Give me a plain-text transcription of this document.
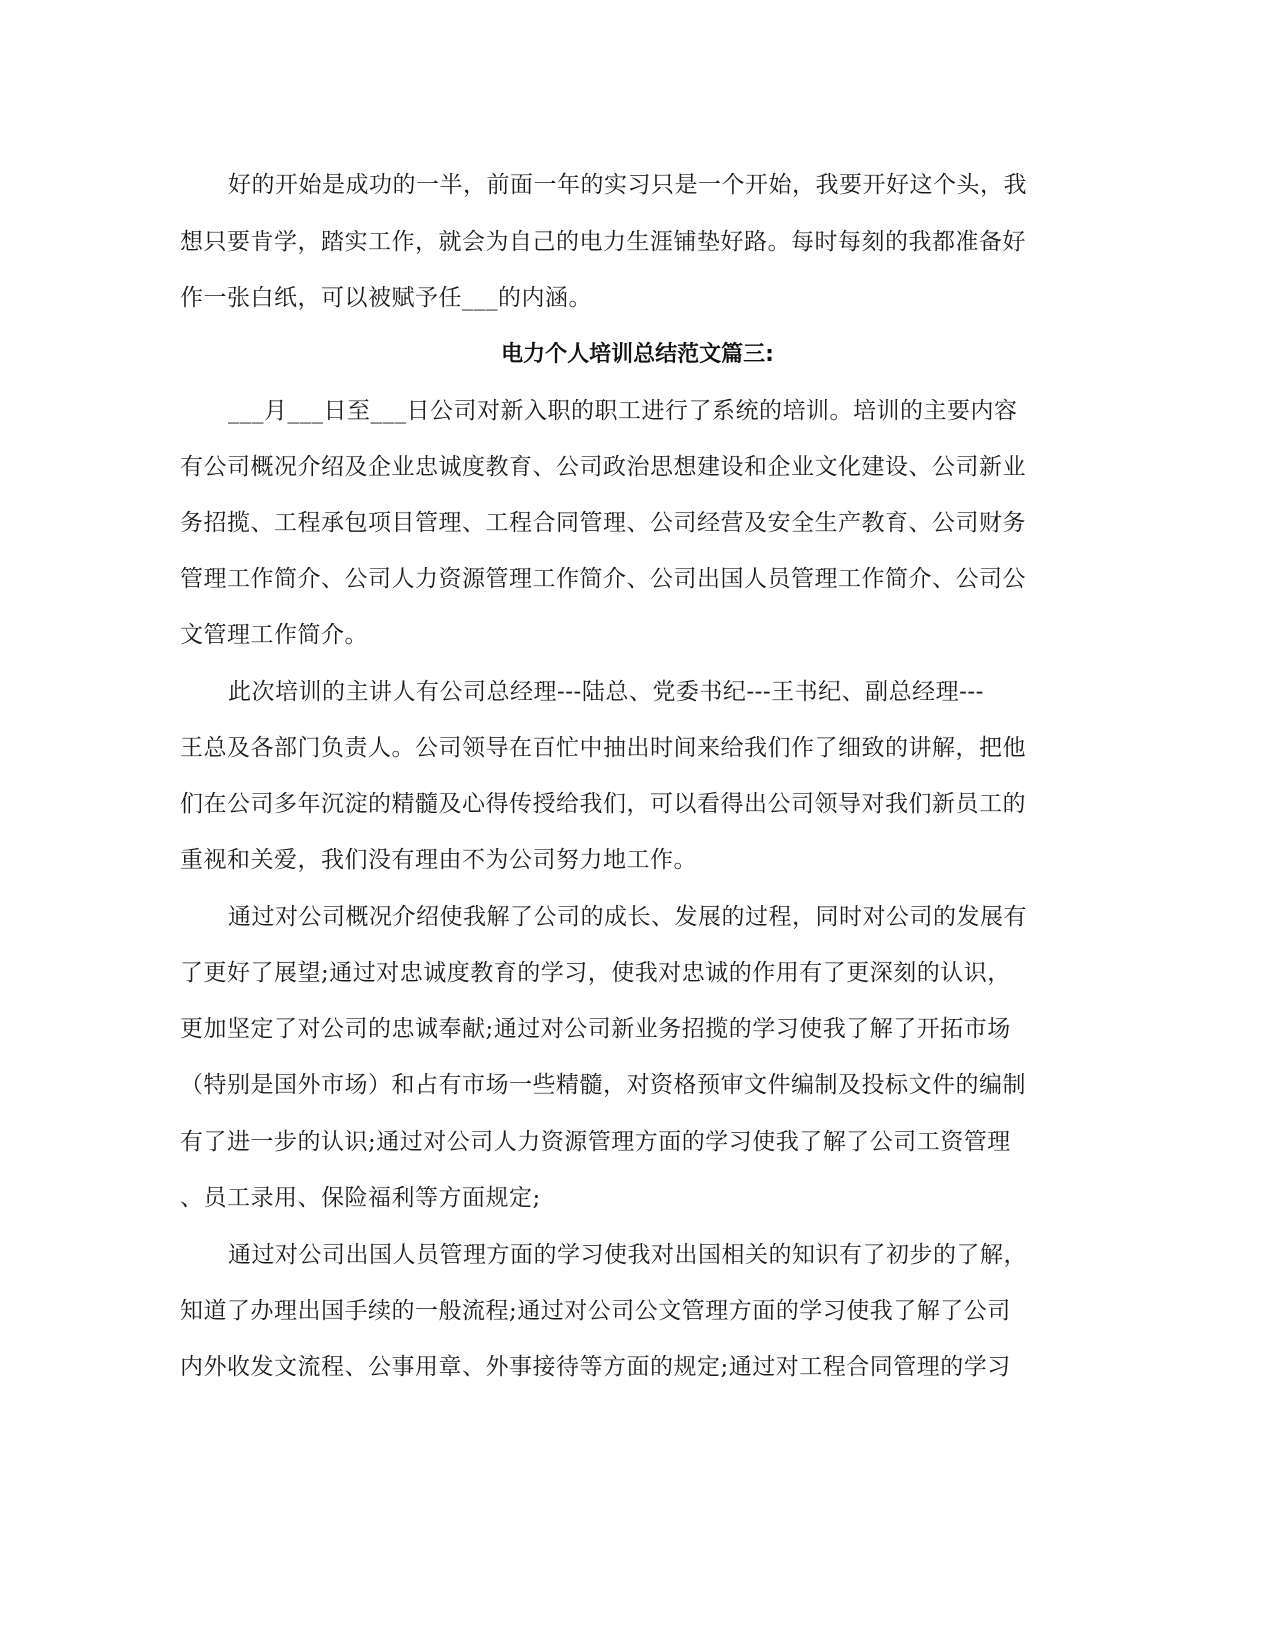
好的开始是成功的一半，前面一年的实习只是一个开始，我要开好这个头，我
想只要肯学，踏实工作，就会为自己的电力生涯铺垫好路。每时每刻的我都准备好
作一张白纸，可以被赋予任___的内涵。
电力个人培训总结范文篇三:
___月___日至___日公司对新入职的职工进行了系统的培训。培训的主要内容
有公司概况介绍及企业忠诚度教育、公司政治思想建设和企业文化建设、公司新业
务招揽、工程承包项目管理、工程合同管理、公司经营及安全生产教育、公司财务
管理工作简介、公司人力资源管理工作简介、公司出国人员管理工作简介、公司公
文管理工作简介。
此次培训的主讲人有公司总经理---陆总、党委书纪---王书纪、副总经理---
王总及各部门负责人。公司领导在百忙中抽出时间来给我们作了细致的讲解，把他
们在公司多年沉淀的精髓及心得传授给我们，可以看得出公司领导对我们新员工的
重视和关爱，我们没有理由不为公司努力地工作。
通过对公司概况介绍使我解了公司的成长、发展的过程，同时对公司的发展有
了更好了展望;通过对忠诚度教育的学习，使我对忠诚的作用有了更深刻的认识，
更加坚定了对公司的忠诚奉献;通过对公司新业务招揽的学习使我了解了开拓市场
（特别是国外市场）和占有市场一些精髓，对资格预审文件编制及投标文件的编制
有了进一步的认识;通过对公司人力资源管理方面的学习使我了解了公司工资管理
、员工录用、保险福利等方面规定;
通过对公司出国人员管理方面的学习使我对出国相关的知识有了初步的了解，
知道了办理出国手续的一般流程;通过对公司公文管理方面的学习使我了解了公司
内外收发文流程、公事用章、外事接待等方面的规定;通过对工程合同管理的学习
